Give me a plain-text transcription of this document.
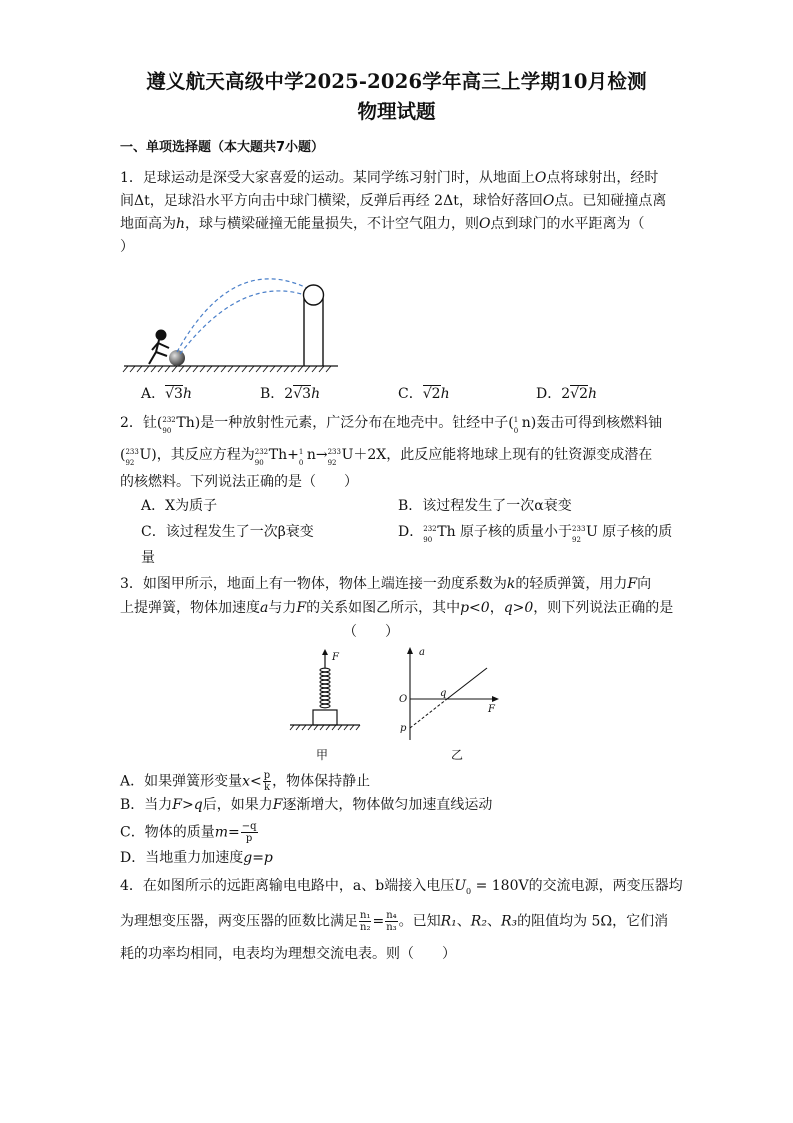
遵义航天高级中学2025-2026学年高三上学期10月检测
物理试题
一、单项选择题（本大题共7小题）
1．足球运动是深受大家喜爱的运动。某同学练习射门时，从地面上O点将球射出，经时
间Δt，足球沿水平方向击中球门横梁，反弹后再经 2Δt，球恰好落回O点。已知碰撞点离
地面高为h，球与横梁碰撞无能量损失，不计空气阻力，则O点到球门的水平距离为（
）
A．√3h	B．2√3h	C．√2h	D．2√2h
2．钍( 232
90 Th)是一种放射性元素，广泛分布在地壳中。钍经中子( 1
0 n)轰击可得到核燃料铀
( 233
92 U)，其反应方程为 232
90 Th+ 1
0 n→ 233
92 U＋2X，此反应能将地球上现有的钍资源变成潜在
的核燃料。下列说法正确的是（　　）
A．X为质子	B．该过程发生了一次α衰变
C．该过程发生了一次β衰变	D． 232
90 Th 原子核的质量小于 233
92 U 原子核的质
量
3．如图甲所示，地面上有一物体，物体上端连接一劲度系数为k的轻质弹簧，用力F向
上提弹簧，物体加速度a与力F的关系如图乙所示，其中p<0，q>0，则下列说法正确的是
（　　）
F
甲
a
O
q
F
p
乙
A．如果弹簧形变量$x< \frac{p}{k}$ ，物体保持静止
B．当力F>q后，如果力F逐渐增大，物体做匀加速直线运动
C．物体的质量$m= \frac{-q}{p}$
D．当地重力加速度g=p
4．在如图所示的远距离输电电路中，a、b端接入电压$U_0 = 180V$的交流电源，两变压器均
为理想变压器，两变压器的匝数比满足 $\frac{\text{n₁}}{\text{n₂}} = \frac{\text{n₄}}{\text{n₃}}$ 。已知R₁、R₂、R₃的阻值均为 5Ω，它们消
耗的功率均相同，电表均为理想交流电表。则（　　）
